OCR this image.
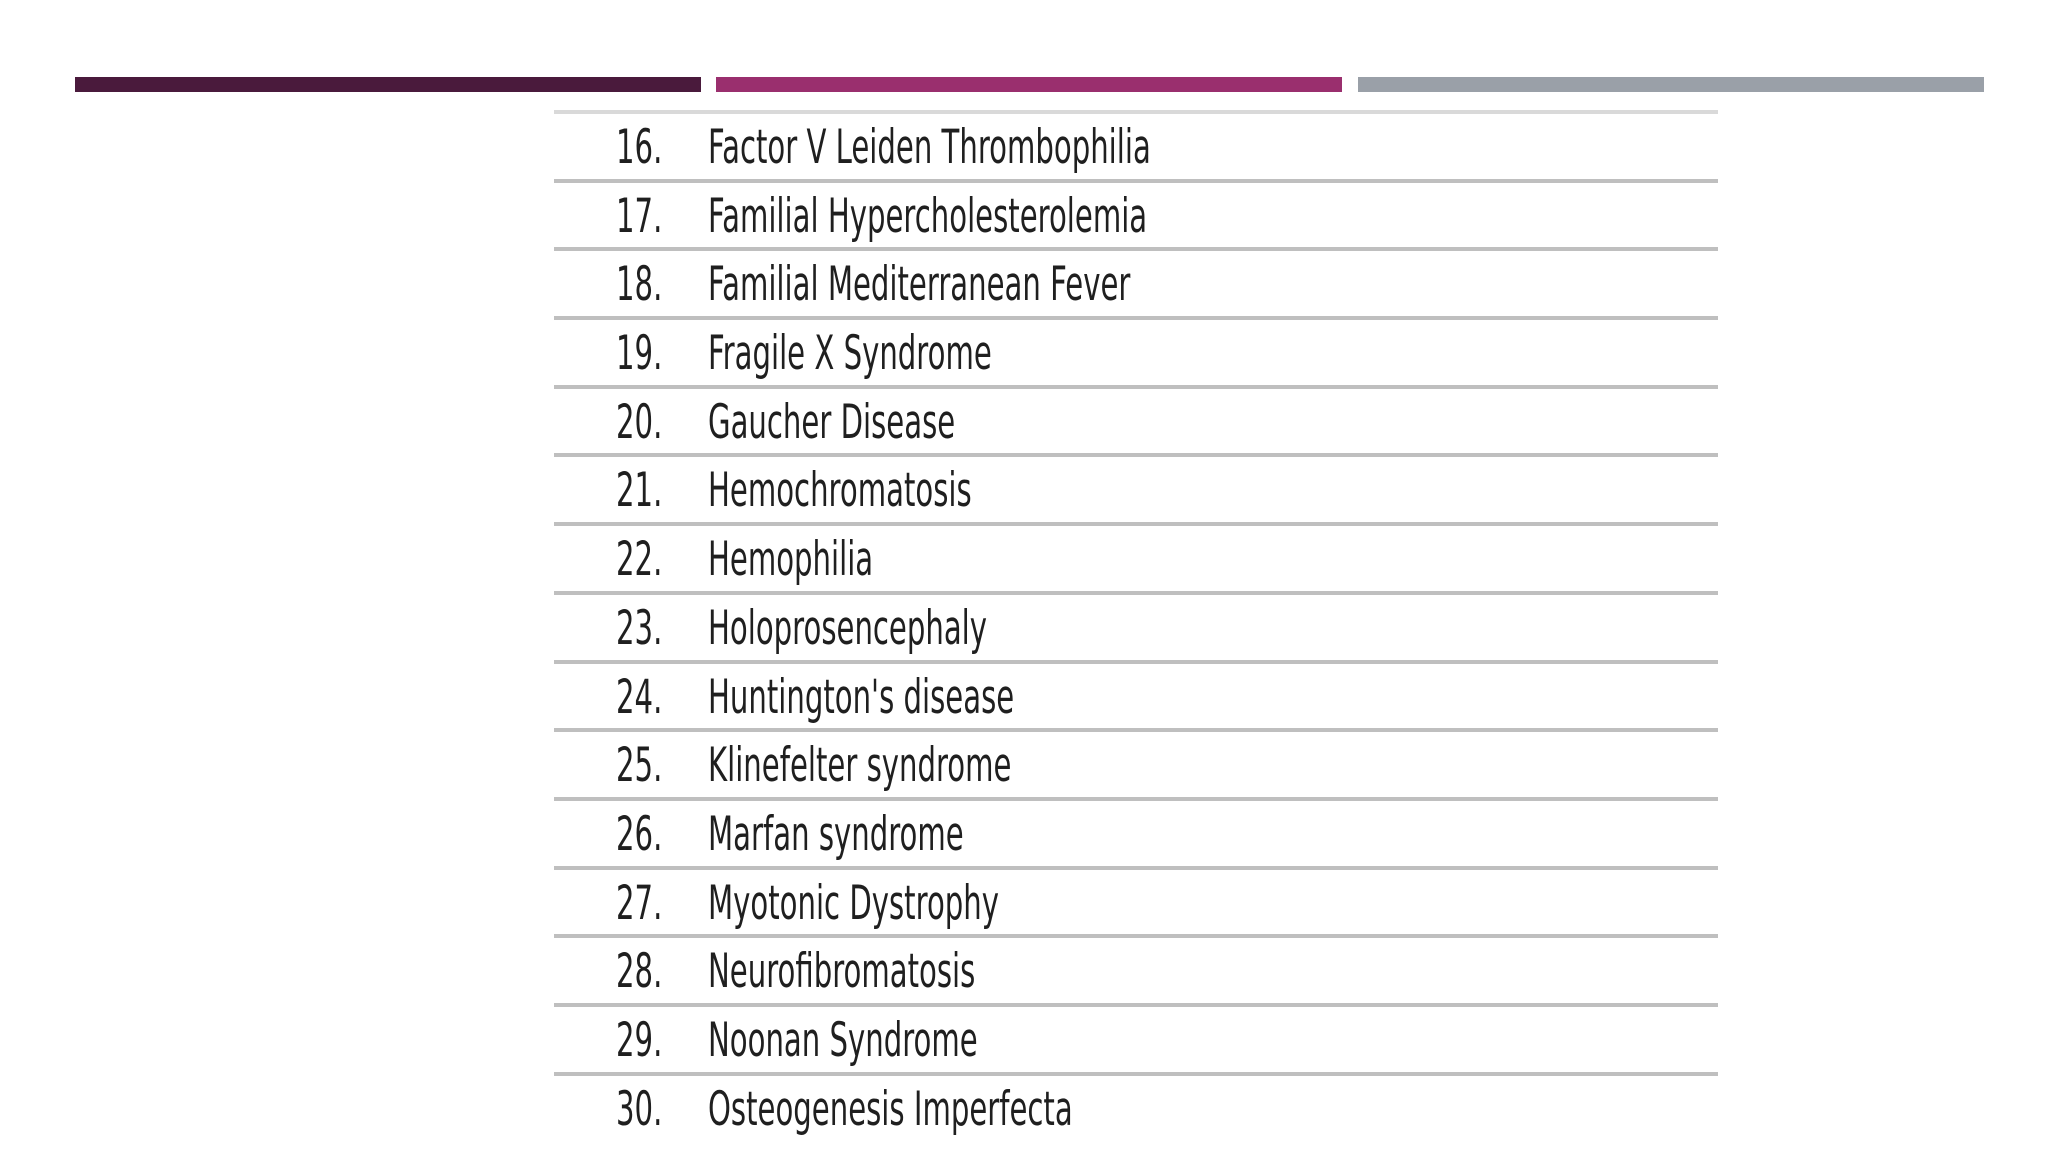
16. Factor V Leiden Thrombophilia
17. Familial Hypercholesterolemia
18. Familial Mediterranean Fever
19. Fragile X Syndrome
20. Gaucher Disease
21. Hemochromatosis
22. Hemophilia
23. Holoprosencephaly
24. Huntington's disease
25. Klinefelter syndrome
26. Marfan syndrome
27. Myotonic Dystrophy
28. Neurofibromatosis
29. Noonan Syndrome
30. Osteogenesis Imperfecta
